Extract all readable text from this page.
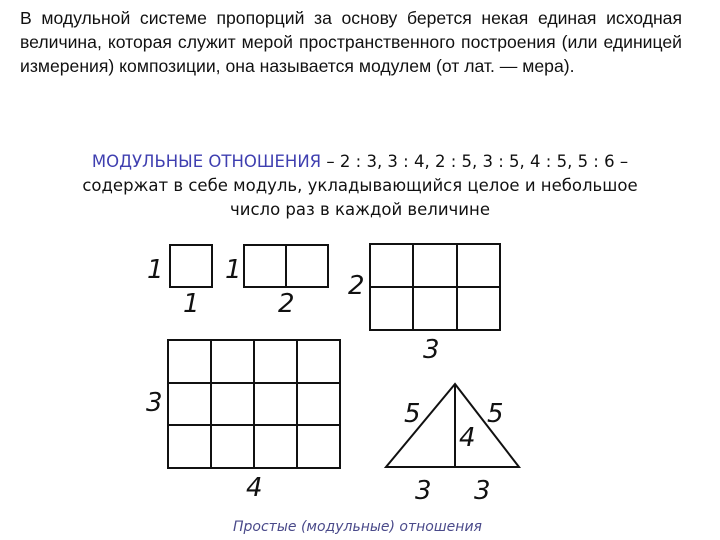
В модульной системе пропорций за основу берется некая единая исходная величина, которая служит мерой пространственного построения (или единицей измерения) композиции, она называется модулем (от лат. — мера).

МОДУЛЬНЫЕ ОТНОШЕНИЯ – 2 : 3, 3 : 4, 2 : 5, 3 : 5, 4 : 5, 5 : 6 –
содержат в себе модуль, укладывающийся целое и небольшое
число раз в каждой величине
1
1
1
2
2
3
3
4
5	5
4
3 3
Простые (модульные) отношения
